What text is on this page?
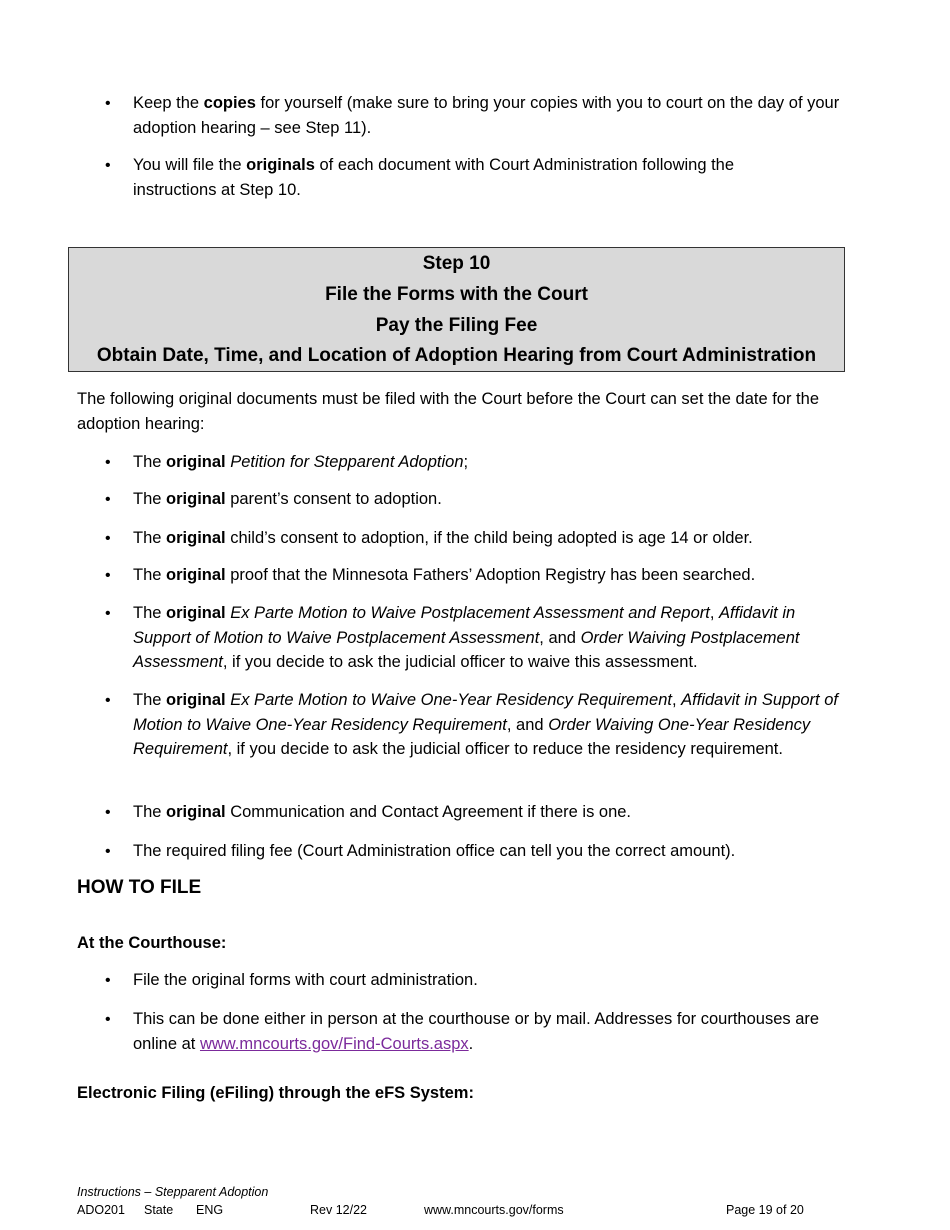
•
Keep the copies for yourself (make sure to bring your copies with you to court on the day of your adoption hearing – see Step 11).
•
You will file the originals of each document with Court Administration following the instructions at Step 10.
Step 10
File the Forms with the Court
Pay the Filing Fee
Obtain Date, Time, and Location of Adoption Hearing from Court Administration
The following original documents must be filed with the Court before the Court can set the date for the adoption hearing:
•
The original Petition for Stepparent Adoption;
•
The original parent’s consent to adoption.
•
The original child’s consent to adoption, if the child being adopted is age 14 or older.
•
The original proof that the Minnesota Fathers’ Adoption Registry has been searched.
•
The original Ex Parte Motion to Waive Postplacement Assessment and Report, Affidavit in Support of Motion to Waive Postplacement Assessment, and Order Waiving Postplacement Assessment, if you decide to ask the judicial officer to waive this assessment.
•
The original Ex Parte Motion to Waive One-Year Residency Requirement, Affidavit in Support of Motion to Waive One-Year Residency Requirement, and Order Waiving One-Year Residency Requirement, if you decide to ask the judicial officer to reduce the residency requirement.
•
The original Communication and Contact Agreement if there is one.
•
The required filing fee (Court Administration office can tell you the correct amount).
HOW TO FILE
At the Courthouse:
•
File the original forms with court administration.
•
This can be done either in person at the courthouse or by mail. Addresses for courthouses are online at www.mncourts.gov/Find-Courts.aspx.
Electronic Filing (eFiling) through the eFS System:
Instructions – Stepparent Adoption
ADO201 State ENG	Rev 12/22	www.mncourts.gov/forms	Page 19 of 20
